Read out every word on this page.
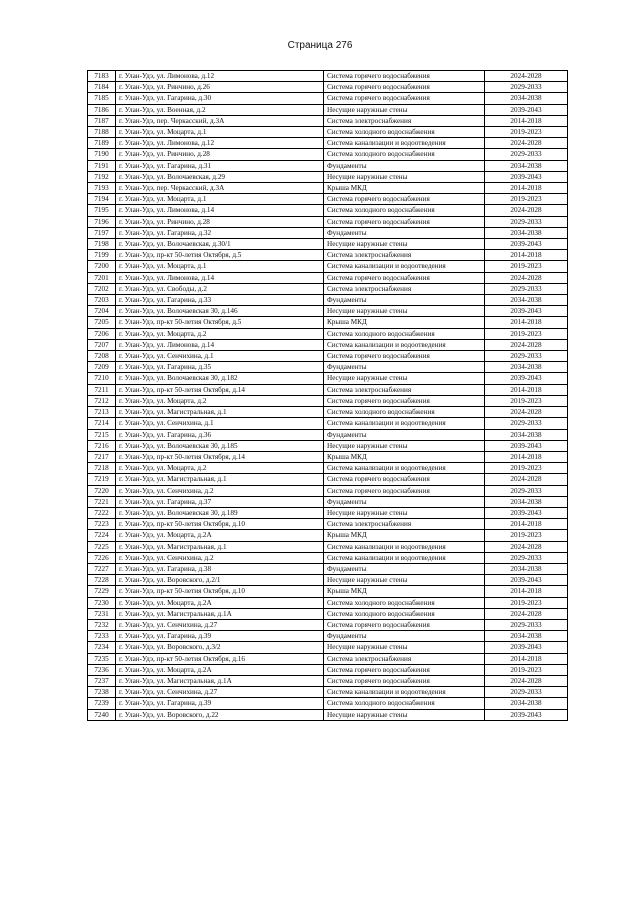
Страница 276
7183	г. Улан-Удэ, ул. Лимонова, д.12	Система горячего водоснабжения	2024-2028
7184	г. Улан-Удэ, ул. Ринчино, д.26	Система горячего водоснабжения	2029-2033
7185	г. Улан-Удэ, ул. Гагарина, д.30	Система горячего водоснабжения	2034-2038
7186	г. Улан-Удэ, ул. Военная, д.2	Несущие наружные стены	2039-2043
7187	г. Улан-Удэ, пер. Черкасский, д.3А	Система электроснабжения	2014-2018
7188	г. Улан-Удэ, ул. Моцарта, д.1	Система холодного водоснабжения	2019-2023
7189	г. Улан-Удэ, ул. Лимонова, д.12	Система канализации и водоотведения	2024-2028
7190	г. Улан-Удэ, ул. Ринчино, д.28	Система холодного водоснабжения	2029-2033
7191	г. Улан-Удэ, ул. Гагарина, д.31	Фундаменты	2034-2038
7192	г. Улан-Удэ, ул. Волочаевская, д.29	Несущие наружные стены	2039-2043
7193	г. Улан-Удэ, пер. Черкасский, д.3А	Крыша МКД	2014-2018
7194	г. Улан-Удэ, ул. Моцарта, д.1	Система горячего водоснабжения	2019-2023
7195	г. Улан-Удэ, ул. Лимонова, д.14	Система холодного водоснабжения	2024-2028
7196	г. Улан-Удэ, ул. Ринчино, д.28	Система горячего водоснабжения	2029-2033
7197	г. Улан-Удэ, ул. Гагарина, д.32	Фундаменты	2034-2038
7198	г. Улан-Удэ, ул. Волочаевская, д.30/1	Несущие наружные стены	2039-2043
7199	г. Улан-Удэ, пр-кт 50-летия Октября, д.5	Система электроснабжения	2014-2018
7200	г. Улан-Удэ, ул. Моцарта, д.1	Система канализации и водоотведения	2019-2023
7201	г. Улан-Удэ, ул. Лимонова, д.14	Система горячего водоснабжения	2024-2028
7202	г. Улан-Удэ, ул. Свободы, д.2	Система электроснабжения	2029-2033
7203	г. Улан-Удэ, ул. Гагарина, д.33	Фундаменты	2034-2038
7204	г. Улан-Удэ, ул. Волочаевская 30, д.146	Несущие наружные стены	2039-2043
7205	г. Улан-Удэ, пр-кт 50-летия Октября, д.5	Крыша МКД	2014-2018
7206	г. Улан-Удэ, ул. Моцарта, д.2	Система холодного водоснабжения	2019-2023
7207	г. Улан-Удэ, ул. Лимонова, д.14	Система канализации и водоотведения	2024-2028
7208	г. Улан-Удэ, ул. Сенчихина, д.1	Система горячего водоснабжения	2029-2033
7209	г. Улан-Удэ, ул. Гагарина, д.35	Фундаменты	2034-2038
7210	г. Улан-Удэ, ул. Волочаевская 30, д.182	Несущие наружные стены	2039-2043
7211	г. Улан-Удэ, пр-кт 50-летия Октября, д.14	Система электроснабжения	2014-2018
7212	г. Улан-Удэ, ул. Моцарта, д.2	Система горячего водоснабжения	2019-2023
7213	г. Улан-Удэ, ул. Магистральная, д.1	Система холодного водоснабжения	2024-2028
7214	г. Улан-Удэ, ул. Сенчихина, д.1	Система канализации и водоотведения	2029-2033
7215	г. Улан-Удэ, ул. Гагарина, д.36	Фундаменты	2034-2038
7216	г. Улан-Удэ, ул. Волочаевская 30, д.185	Несущие наружные стены	2039-2043
7217	г. Улан-Удэ, пр-кт 50-летия Октября, д.14	Крыша МКД	2014-2018
7218	г. Улан-Удэ, ул. Моцарта, д.2	Система канализации и водоотведения	2019-2023
7219	г. Улан-Удэ, ул. Магистральная, д.1	Система горячего водоснабжения	2024-2028
7220	г. Улан-Удэ, ул. Сенчихина, д.2	Система горячего водоснабжения	2029-2033
7221	г. Улан-Удэ, ул. Гагарина, д.37	Фундаменты	2034-2038
7222	г. Улан-Удэ, ул. Волочаевская 30, д.189	Несущие наружные стены	2039-2043
7223	г. Улан-Удэ, пр-кт 50-летия Октября, д.10	Система электроснабжения	2014-2018
7224	г. Улан-Удэ, ул. Моцарта, д.2А	Крыша МКД	2019-2023
7225	г. Улан-Удэ, ул. Магистральная, д.1	Система канализации и водоотведения	2024-2028
7226	г. Улан-Удэ, ул. Сенчихина, д.2	Система канализации и водоотведения	2029-2033
7227	г. Улан-Удэ, ул. Гагарина, д.38	Фундаменты	2034-2038
7228	г. Улан-Удэ, ул. Воровского, д.2/1	Несущие наружные стены	2039-2043
7229	г. Улан-Удэ, пр-кт 50-летия Октября, д.10	Крыша МКД	2014-2018
7230	г. Улан-Удэ, ул. Моцарта, д.2А	Система холодного водоснабжения	2019-2023
7231	г. Улан-Удэ, ул. Магистральная, д.1А	Система холодного водоснабжения	2024-2028
7232	г. Улан-Удэ, ул. Сенчихина, д.27	Система горячего водоснабжения	2029-2033
7233	г. Улан-Удэ, ул. Гагарина, д.39	Фундаменты	2034-2038
7234	г. Улан-Удэ, ул. Воровского, д.3/2	Несущие наружные стены	2039-2043
7235	г. Улан-Удэ, пр-кт 50-летия Октября, д.16	Система электроснабжения	2014-2018
7236	г. Улан-Удэ, ул. Моцарта, д.2А	Система горячего водоснабжения	2019-2023
7237	г. Улан-Удэ, ул. Магистральная, д.1А	Система горячего водоснабжения	2024-2028
7238	г. Улан-Удэ, ул. Сенчихина, д.27	Система канализации и водоотведения	2029-2033
7239	г. Улан-Удэ, ул. Гагарина, д.39	Система холодного водоснабжения	2034-2038
7240	г. Улан-Удэ, ул. Воровского, д.22	Несущие наружные стены	2039-2043
